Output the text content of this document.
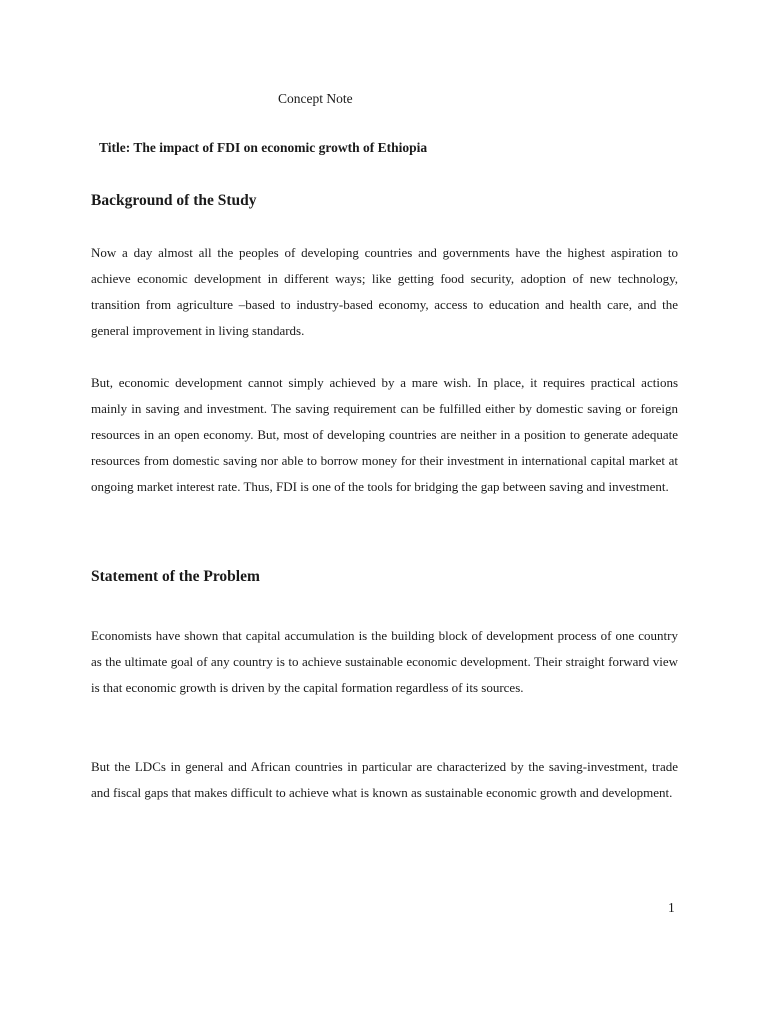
Concept Note
Title: The impact of FDI on economic growth of Ethiopia
Background of the Study
Now a day almost all the peoples of developing countries and governments have the highest aspiration to achieve economic development in different ways; like getting food security, adoption of new technology, transition from agriculture –based to industry-based economy, access to education and health care, and the general improvement in living standards.
But, economic development cannot simply achieved by a mare wish. In place, it requires practical actions mainly in saving and investment. The saving requirement can be fulfilled either by domestic saving or foreign resources in an open economy. But, most of developing countries are neither in a position to generate adequate resources from domestic saving nor able to borrow money for their investment in international capital market at ongoing market interest rate. Thus, FDI is one of the tools for bridging the gap between saving and investment.
Statement of the Problem
Economists have shown that capital accumulation is the building block of development process of one country as the ultimate goal of any country is to achieve sustainable economic development. Their straight forward view is that economic growth is driven by the capital formation regardless of its sources.
But the LDCs in general and African countries in particular are characterized by the saving-investment, trade and fiscal gaps that makes difficult to achieve what is known as sustainable economic growth and development.
1
